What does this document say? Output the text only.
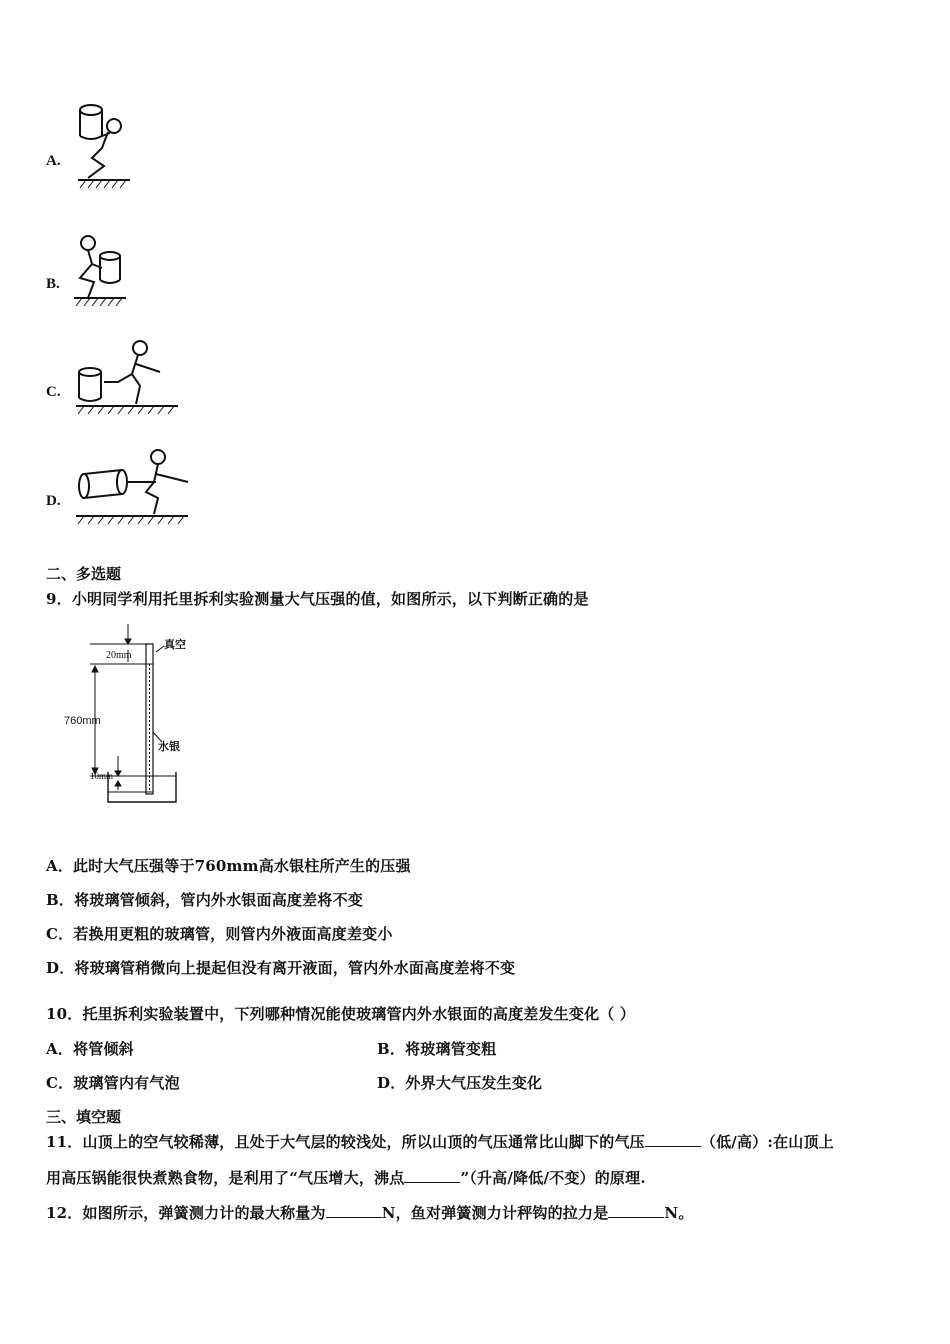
A.
B.
C.
D.
二、多选题
9．小明同学利用托里拆利实验测量大气压强的值，如图所示，以下判断正确的是
20mm
真空
760mm
水银
10mm
A．此时大气压强等于760mm高水银柱所产生的压强
B．将玻璃管倾斜，管内外水银面高度差将不变
C．若换用更粗的玻璃管，则管内外液面高度差变小
D．将玻璃管稍微向上提起但没有离开液面，管内外水面高度差将不变
10．托里拆利实验装置中，下列哪种情况能使玻璃管内外水银面的高度差发生变化（ ）
A．将管倾斜	B．将玻璃管变粗
C．玻璃管内有气泡	D．外界大气压发生变化
三、填空题
11．山顶上的空气较稀薄，且处于大气层的较浅处，所以山顶的气压通常比山脚下的气压	（低/高）:在山顶上
用高压锅能很快煮熟食物，是利用了“气压增大，沸点	”（升高/降低/不变）的原理.
12．如图所示，弹簧测力计的最大称量为	N，鱼对弹簧测力计秤钩的拉力是	N。
